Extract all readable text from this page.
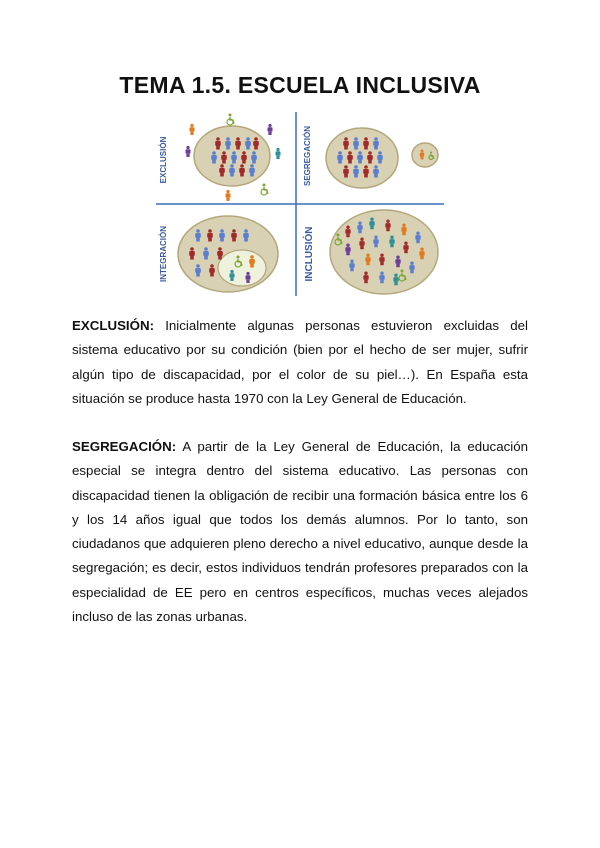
TEMA 1.5. ESCUELA INCLUSIVA
EXCLUSIÓN	SEGREGACIÓN
INTEGRACIÓN	INCLUSIÓN
EXCLUSIÓN: Inicialmente algunas personas estuvieron excluidas del sistema educativo por su condición (bien por el hecho de ser mujer, sufrir algún tipo de discapacidad, por el color de su piel…). En España esta situación se produce hasta 1970 con la Ley General de Educación.
SEGREGACIÓN: A partir de la Ley General de Educación, la educación especial se integra dentro del sistema educativo. Las personas con discapacidad tienen la obligación de recibir una formación básica entre los 6 y los 14 años igual que todos los demás alumnos. Por lo tanto, son ciudadanos que adquieren pleno derecho a nivel educativo, aunque desde la segregación; es decir, estos individuos tendrán profesores preparados con la especialidad de EE pero en centros específicos, muchas veces alejados incluso de las zonas urbanas.
